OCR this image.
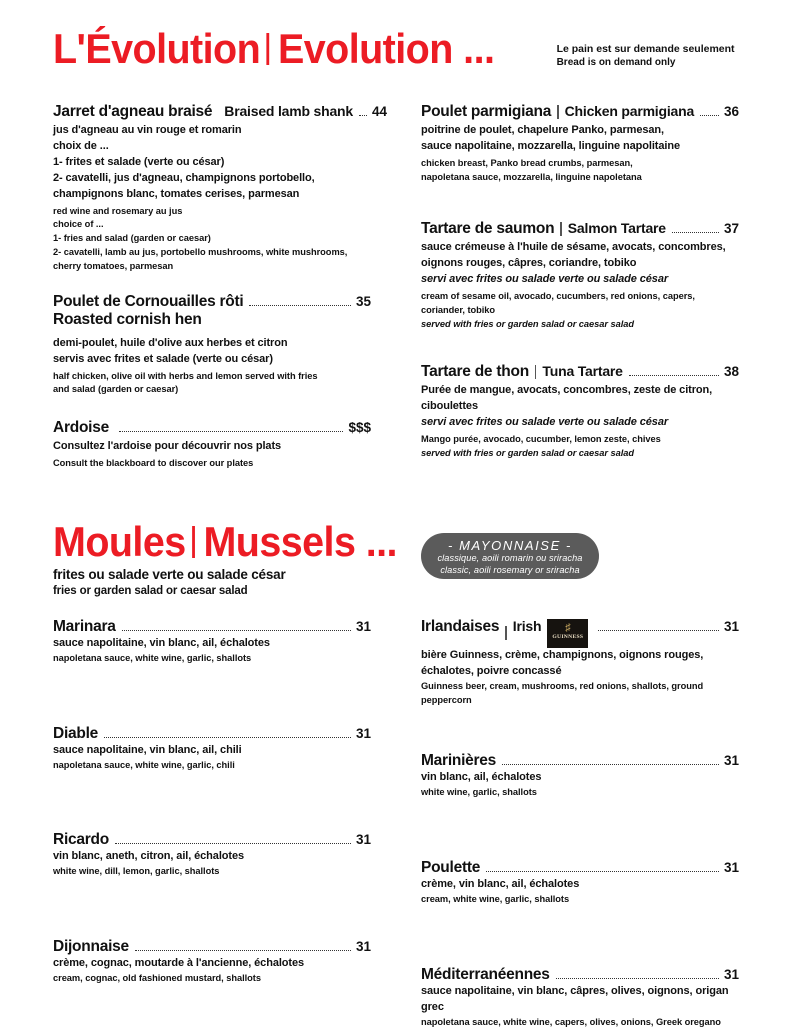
L'Évolution Evolution ...	Le pain est sur demande seulement
Bread is on demand only
Jarret d'agneau braisé Braised lamb shank 44
jus d'agneau au vin rouge et romarin
choix de ...
1- frites et salade (verte ou césar)
2- cavatelli, jus d'agneau, champignons portobello,
champignons blanc, tomates cerises, parmesan
red wine and rosemary au jus
choice of ...
1- fries and salad (garden or caesar)
2- cavatelli, lamb au jus, portobello mushrooms, white mushrooms,
cherry tomatoes, parmesan
Poulet de Cornouailles rôti	35
Roasted cornish hen
demi-poulet, huile d'olive aux herbes et citron
servis avec frites et salade (verte ou césar)
half chicken, olive oil with herbs and lemon served with fries
and salad (garden or caesar)
Ardoise	$$$
Consultez l'ardoise pour découvrir nos plats
Consult the blackboard to discover our plates
Poulet parmigiana Chicken parmigiana 36
poitrine de poulet, chapelure Panko, parmesan,
sauce napolitaine, mozzarella, linguine napolitaine
chicken breast, Panko bread crumbs, parmesan,
napoletana sauce, mozzarella, linguine napoletana
Tartare de saumon Salmon Tartare	37
sauce crémeuse à l'huile de sésame, avocats, concombres,
oignons rouges, câpres, coriandre, tobiko
servi avec frites ou salade verte ou salade césar
cream of sesame oil, avocado, cucumbers, red onions, capers, coriander, tobiko
served with fries or garden salad or caesar salad
Tartare de thon Tuna Tartare	38
Purée de mangue, avocats, concombres, zeste de citron, ciboulettes
servi avec frites ou salade verte ou salade césar
Mango purée, avocado, cucumber, lemon zeste, chives
served with fries or garden salad or caesar salad
Moules Mussels ...
frites ou salade verte ou salade césar
fries or garden salad or caesar salad
- MAYONNAISE -
classique, aoili romarin ou sriracha
classic, aoili rosemary or sriracha
Marinara	31
sauce napolitaine, vin blanc, ail, échalotes
napoletana sauce, white wine, garlic, shallots
Diable	31
sauce napolitaine, vin blanc, ail, chili
napoletana sauce, white wine, garlic, chili
Ricardo	31
vin blanc, aneth, citron, ail, échalotes
white wine, dill, lemon, garlic, shallots
Dijonnaise	31
crème, cognac, moutarde à l'ancienne, échalotes
cream, cognac, old fashioned mustard, shallots
Irlandaises Irish ♯
GUINNESS
31
bière Guinness, crème, champignons, oignons rouges,
échalotes, poivre concassé
Guinness beer, cream, mushrooms, red onions, shallots, ground peppercorn
Marinières	31
vin blanc, ail, échalotes
white wine, garlic, shallots
Poulette	31
crème, vin blanc, ail, échalotes
cream, white wine, garlic, shallots
Méditerranéennes	31
sauce napolitaine, vin blanc, câpres, olives, oignons, origan grec
napoletana sauce, white wine, capers, olives, onions, Greek oregano
